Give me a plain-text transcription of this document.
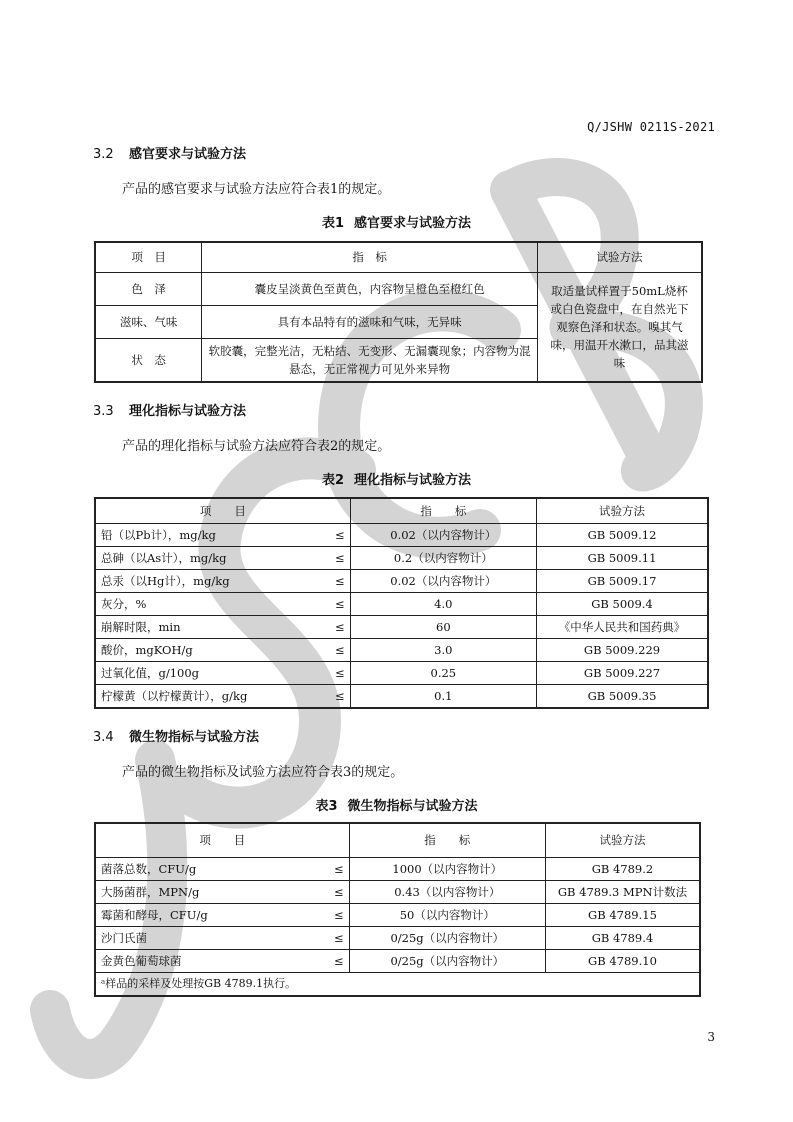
Q/JSHW 0211S-2021
3.2 感官要求与试验方法
产品的感官要求与试验方法应符合表1的规定。
表1 感官要求与试验方法
项　目	指　标	试验方法
色　泽	囊皮呈淡黄色至黄色，内容物呈橙色至橙红色	取适量试样置于50mL烧杯或白色瓷盘中，在自然光下观察色泽和状态。嗅其气味，用温开水漱口，品其滋味
滋味、气味	具有本品特有的滋味和气味，无异味	
状　态	软胶囊，完整光洁，无粘结、无变形、无漏囊现象；内容物为混悬态，无正常视力可见外来异物	
3.3 理化指标与试验方法
产品的理化指标与试验方法应符合表2的规定。
表2 理化指标与试验方法
项　　目		指　　标	试验方法
铅（以Pb计），mg/kg	≤	0.02（以内容物计）	GB 5009.12
总砷（以As计），mg/kg	≤	0.2（以内容物计）	GB 5009.11
总汞（以Hg计），mg/kg	≤	0.02（以内容物计）	GB 5009.17
灰分，%	≤	4.0	GB 5009.4
崩解时限，min	≤	60	《中华人民共和国药典》
酸价，mgKOH/g	≤	3.0	GB 5009.229
过氧化值，g/100g	≤	0.25	GB 5009.227
柠檬黄（以柠檬黄计），g/kg	≤	0.1	GB 5009.35
3.4 微生物指标与试验方法
产品的微生物指标及试验方法应符合表3的规定。
表3 微生物指标与试验方法
项　　目		指　　标	试验方法
菌落总数，CFU/g	≤	1000（以内容物计）	GB 4789.2
大肠菌群，MPN/g	≤	0.43（以内容物计）	GB 4789.3 MPN计数法
霉菌和酵母，CFU/g	≤	50（以内容物计）	GB 4789.15
沙门氏菌	≤	0/25g（以内容物计）	GB 4789.4
金黄色葡萄球菌	≤	0/25g（以内容物计）	GB 4789.10
ᵃ样品的采样及处理按GB 4789.1执行。			
3
